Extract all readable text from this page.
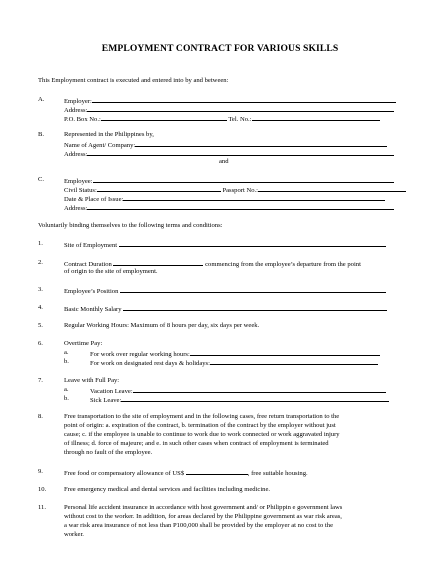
EMPLOYMENT CONTRACT FOR VARIOUS SKILLS
This Employment contract is executed and entered into by and between:
A.	Employer:
Address:
P.O. Box No.:	Tel. No.:
B.	Represented in the Philippines by,
Name of Agent/ Company:
Address:
and
C.	Employee:
Civil Status:	Passport No.:
Date & Place of Issue:
Address:
Voluntarily binding themselves to the following terms and conditions:
1.	Site of Employment
2.	Contract Duration	commencing from the employee’s departure from the point
of origin to the site of employment.
3.	Employee’s Position
4.	Basic Monthly Salary
5.	Regular Working Hours: Maximum of 8 hours per day, six days per week.
6.	Overtime Pay:
a.	For work over regular working hours:
b.	For work on designated rest days & holidays:
7.	Leave with Full Pay:
a.	Vacation Leave:
b.	Sick Leave:
8.	Free transportation to the site of employment and in the following cases, free return transportation to the
point of origin: a. expiration of the contract, b. termination of the contract by the employer without just
cause; c. if the employee is unable to continue to work due to work connected or work aggravated injury
of illness; d. force of majeure; and e. in such other cases when contract of employment is terminated
through no fault of the employee.
9.	Free food or compensatory allowance of US$	, free suitable housing.
10.	Free emergency medical and dental services and facilities including medicine.
11.	Personal life accident insurance in accordance with host government and/ or Philippin e government laws
without cost to the worker. In addition, for areas declared by the Philippine government as war risk areas,
a war risk area insurance of not less than P100,000 shall be provided by the employer at no cost to the
worker.
